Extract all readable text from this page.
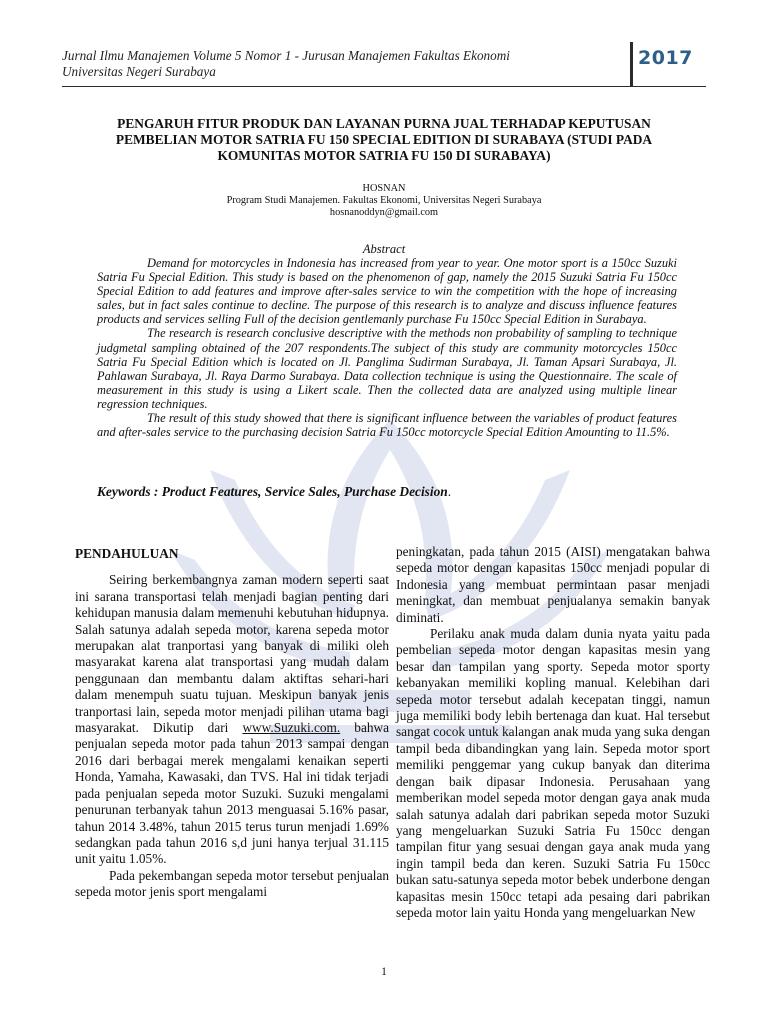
Jurnal Ilmu Manajemen Volume 5 Nomor 1 - Jurusan Manajemen Fakultas Ekonomi
Universitas Negeri Surabaya
2017
PENGARUH FITUR PRODUK DAN LAYANAN PURNA JUAL TERHADAP KEPUTUSAN PEMBELIAN MOTOR SATRIA FU 150 SPECIAL EDITION DI SURABAYA (STUDI PADA KOMUNITAS MOTOR SATRIA FU 150 DI SURABAYA)
HOSNAN
Program Studi Manajemen. Fakultas Ekonomi, Universitas Negeri Surabaya
hosnanoddyn@gmail.com
Abstract

Demand for motorcycles in Indonesia has increased from year to year. One motor sport is a 150cc Suzuki Satria Fu Special Edition. This study is based on the phenomenon of gap, namely the 2015 Suzuki Satria Fu 150cc Special Edition to add features and improve after-sales service to win the competition with the hope of increasing sales, but in fact sales continue to decline. The purpose of this research is to analyze and discuss influence features products and services selling Full of the decision gentlemanly purchase Fu 150cc Special Edition in Surabaya.

The research is research conclusive descriptive with the methods non probability of sampling to technique judgmetal sampling obtained of the 207 respondents.The subject of this study are community motorcycles 150cc Satria Fu Special Edition which is located on Jl. Panglima Sudirman Surabaya, Jl. Taman Apsari Surabaya, Jl. Pahlawan Surabaya, Jl. Raya Darmo Surabaya. Data collection technique is using the Questionnaire. The scale of measurement in this study is using a Likert scale. Then the collected data are analyzed using multiple linear regression techniques.

The result of this study showed that there is significant influence between the variables of product features and after-sales service to the purchasing decision Satria Fu 150cc motorcycle Special Edition Amounting to 11.5%.

Keywords : Product Features, Service Sales, Purchase Decision.

PENDAHULUAN

Seiring berkembangnya zaman modern seperti saat ini sarana transportasi telah menjadi bagian penting dari kehidupan manusia dalam memenuhi kebutuhan hidupnya. Salah satunya adalah sepeda motor, karena sepeda motor merupakan alat tranportasi yang banyak di miliki oleh masyarakat karena alat transportasi yang mudah dalam penggunaan dan membantu dalam aktiftas sehari-hari dalam menempuh suatu tujuan. Meskipun banyak jenis tranportasi lain, sepeda motor menjadi pilihan utama bagi masyarakat. Dikutip dari www.Suzuki.com. bahwa penjualan sepeda motor pada tahun 2013 sampai dengan 2016 dari berbagai merek mengalami kenaikan seperti Honda, Yamaha, Kawasaki, dan TVS. Hal ini tidak terjadi pada penjualan sepeda motor Suzuki. Suzuki mengalami penurunan terbanyak tahun 2013 menguasai 5.16% pasar, tahun 2014 3.48%, tahun 2015 terus turun menjadi 1.69% sedangkan pada tahun 2016 s,d juni hanya terjual 31.115 unit yaitu 1.05%.

Pada pekembangan sepeda motor tersebut penjualan sepeda motor jenis sport mengalami

peningkatan, pada tahun 2015 (AISI) mengatakan bahwa sepeda motor dengan kapasitas 150cc menjadi popular di Indonesia yang membuat permintaan pasar menjadi meningkat, dan membuat penjualanya semakin banyak diminati.

Perilaku anak muda dalam dunia nyata yaitu pada pembelian sepeda motor dengan kapasitas mesin yang besar dan tampilan yang sporty. Sepeda motor sporty kebanyakan memiliki kopling manual. Kelebihan dari sepeda motor tersebut adalah kecepatan tinggi, namun juga memiliki body lebih bertenaga dan kuat. Hal tersebut sangat cocok untuk kalangan anak muda yang suka dengan tampil beda dibandingkan yang lain. Sepeda motor sport memiliki penggemar yang cukup banyak dan diterima dengan baik dipasar Indonesia. Perusahaan yang memberikan model sepeda motor dengan gaya anak muda salah satunya adalah dari pabrikan sepeda motor Suzuki yang mengeluarkan Suzuki Satria Fu 150cc dengan tampilan fitur yang sesuai dengan gaya anak muda yang ingin tampil beda dan keren. Suzuki Satria Fu 150cc bukan satu-satunya sepeda motor bebek underbone dengan kapasitas mesin 150cc tetapi ada pesaing dari pabrikan sepeda motor lain yaitu Honda yang mengeluarkan New

1
